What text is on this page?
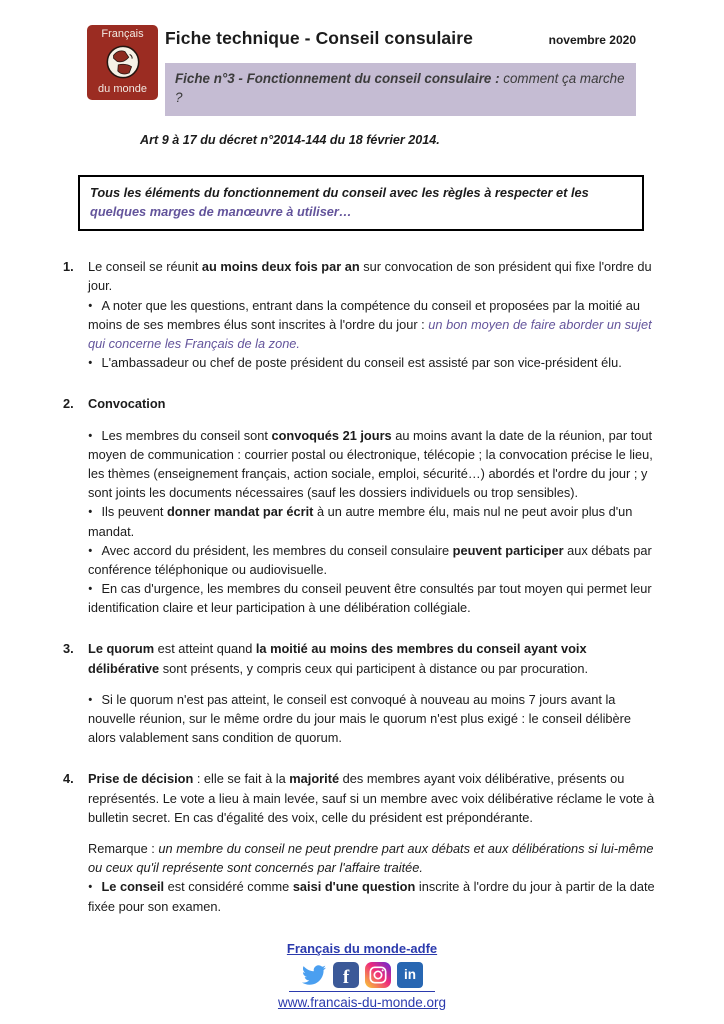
Français
du monde
Fiche technique - Conseil consulaire	novembre 2020
Fiche n°3 - Fonctionnement du conseil consulaire : comment ça marche ?
Art 9 à 17 du décret n°2014-144 du 18 février 2014.
Tous les éléments du fonctionnement du conseil avec les règles à respecter et les quelques marges de manœuvre à utiliser…
1.	Le conseil se réunit au moins deux fois par an sur convocation de son président qui fixe l'ordre du jour.

• A noter que les questions, entrant dans la compétence du conseil et proposées par la moitié au moins de ses membres élus sont inscrites à l'ordre du jour : un bon moyen de faire aborder un sujet qui concerne les Français de la zone.

• L'ambassadeur ou chef de poste président du conseil est assisté par son vice-président élu.

2.	Convocation

• Les membres du conseil sont convoqués 21 jours au moins avant la date de la réunion, par tout moyen de communication : courrier postal ou électronique, télécopie ; la convocation précise le lieu, les thèmes (enseignement français, action sociale, emploi, sécurité…) abordés et l'ordre du jour ; y sont joints les documents nécessaires (sauf les dossiers individuels ou trop sensibles).

• Ils peuvent donner mandat par écrit à un autre membre élu, mais nul ne peut avoir plus d'un mandat.

• Avec accord du président, les membres du conseil consulaire peuvent participer aux débats par conférence téléphonique ou audiovisuelle.

• En cas d'urgence, les membres du conseil peuvent être consultés par tout moyen qui permet leur identification claire et leur participation à une délibération collégiale.

3.	Le quorum est atteint quand la moitié au moins des membres du conseil ayant voix délibérative sont présents, y compris ceux qui participent à distance ou par procuration.

• Si le quorum n'est pas atteint, le conseil est convoqué à nouveau au moins 7 jours avant la nouvelle réunion, sur le même ordre du jour mais le quorum n'est plus exigé : le conseil délibère alors valablement sans condition de quorum.

4.	Prise de décision : elle se fait à la majorité des membres ayant voix délibérative, présents ou représentés. Le vote a lieu à main levée, sauf si un membre avec voix délibérative réclame le vote à bulletin secret. En cas d'égalité des voix, celle du président est prépondérante.

Remarque : un membre du conseil ne peut prendre part aux débats et aux délibérations si lui-même ou ceux qu'il représente sont concernés par l'affaire traitée.

• Le conseil est considéré comme saisi d'une question inscrite à l'ordre du jour à partir de la date fixée pour son examen.

Français du monde-adfe
f	in
www.francais-du-monde.org
